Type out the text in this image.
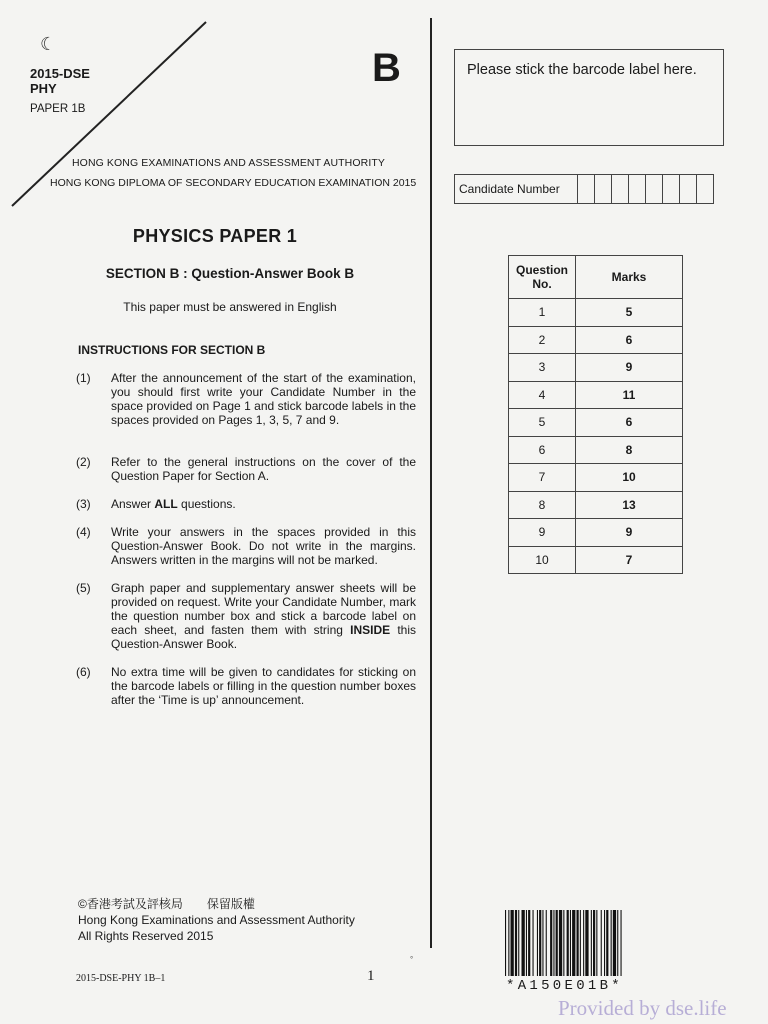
☾
2015-DSE
PHY
PAPER 1B
B
HONG KONG EXAMINATIONS AND ASSESSMENT AUTHORITY
HONG KONG DIPLOMA OF SECONDARY EDUCATION EXAMINATION 2015
PHYSICS PAPER 1
SECTION B : Question-Answer Book B
This paper must be answered in English
INSTRUCTIONS FOR SECTION B
(1) After the announcement of the start of the examination, you should first write your Candidate Number in the space provided on Page 1 and stick barcode labels in the spaces provided on Pages 1, 3, 5, 7 and 9.
(2) Refer to the general instructions on the cover of the Question Paper for Section A.
(3) Answer ALL questions.
(4) Write your answers in the spaces provided in this Question-Answer Book. Do not write in the margins. Answers written in the margins will not be marked.
(5) Graph paper and supplementary answer sheets will be provided on request. Write your Candidate Number, mark the question number box and stick a barcode label on each sheet, and fasten them with string INSIDE this Question-Answer Book.
(6) No extra time will be given to candidates for sticking on the barcode labels or filling in the question number boxes after the ‘Time is up’ announcement.
Please stick the barcode label here.
Candidate Number
Question No.	Marks
1	5
2	6
3	9
4	11
5	6
6	8
7	10
8	13
9	9
10	7
©香港考試及評核局　　保留版權
Hong Kong Examinations and Assessment Authority
All Rights Reserved 2015
2015-DSE-PHY 1B–1	1
°
*A150E01B*
Provided by dse.life
